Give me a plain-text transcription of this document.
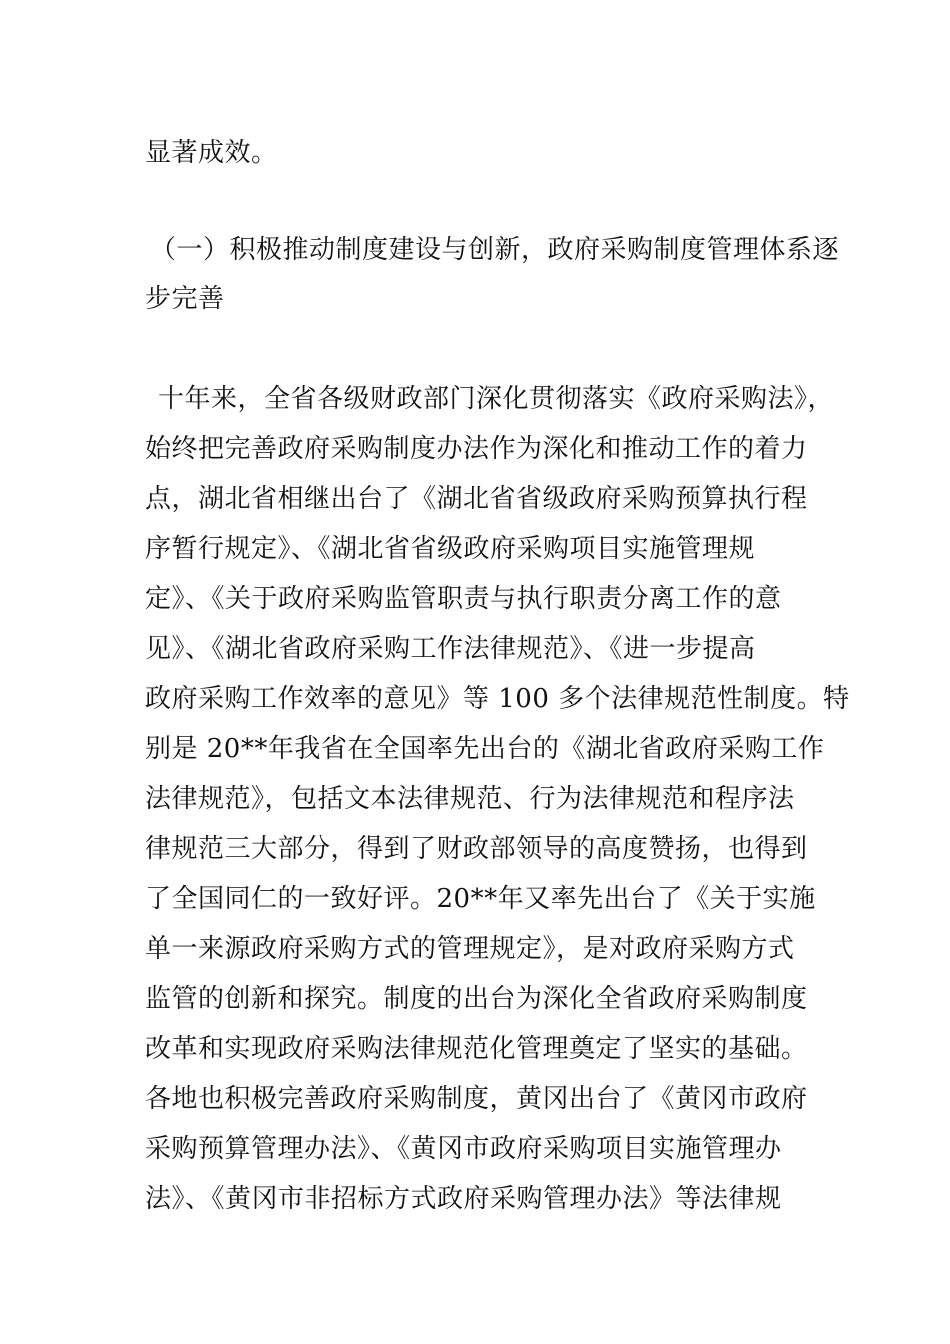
显著成效。
（一）积极推动制度建设与创新，政府采购制度管理体系逐
步完善
十年来，全省各级财政部门深化贯彻落实《政府采购法》，
始终把完善政府采购制度办法作为深化和推动工作的着力
点，湖北省相继出台了《湖北省省级政府采购预算执行程
序暂行规定》、《湖北省省级政府采购项目实施管理规
定》、《关于政府采购监管职责与执行职责分离工作的意
见》、《湖北省政府采购工作法律规范》、《进一步提高
政府采购工作效率的意见》等 100 多个法律规范性制度。特
别是 20**年我省在全国率先出台的《湖北省政府采购工作
法律规范》，包括文本法律规范、行为法律规范和程序法
律规范三大部分，得到了财政部领导的高度赞扬，也得到
了全国同仁的一致好评。20**年又率先出台了《关于实施
单一来源政府采购方式的管理规定》，是对政府采购方式
监管的创新和探究。制度的出台为深化全省政府采购制度
改革和实现政府采购法律规范化管理奠定了坚实的基础。
各地也积极完善政府采购制度，黄冈出台了《黄冈市政府
采购预算管理办法》、《黄冈市政府采购项目实施管理办
法》、《黄冈市非招标方式政府采购管理办法》等法律规
